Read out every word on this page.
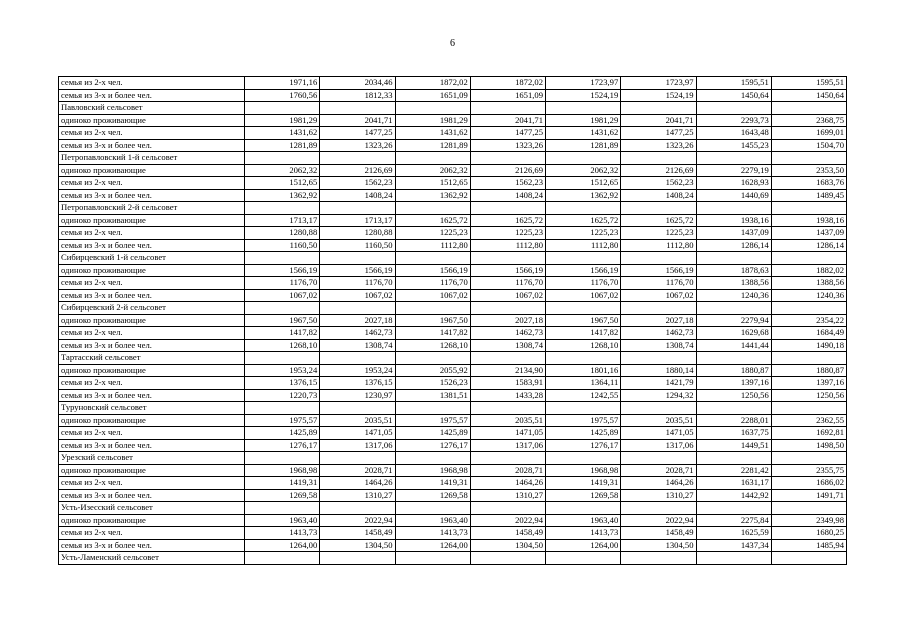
6
семья из 2-х чел.	1971,16	2034,46	1872,02	1872,02	1723,97	1723,97	1595,51	1595,51
семья из 3-х и более чел.	1760,56	1812,33	1651,09	1651,09	1524,19	1524,19	1450,64	1450,64
Павловский сельсовет								
одиноко проживающие	1981,29	2041,71	1981,29	2041,71	1981,29	2041,71	2293,73	2368,75
семья из 2-х чел.	1431,62	1477,25	1431,62	1477,25	1431,62	1477,25	1643,48	1699,01
семья из 3-х и более чел.	1281,89	1323,26	1281,89	1323,26	1281,89	1323,26	1455,23	1504,70
Петропавловский 1-й сельсовет								
одиноко проживающие	2062,32	2126,69	2062,32	2126,69	2062,32	2126,69	2279,19	2353,50
семья из 2-х чел.	1512,65	1562,23	1512,65	1562,23	1512,65	1562,23	1628,93	1683,76
семья из 3-х и более чел.	1362,92	1408,24	1362,92	1408,24	1362,92	1408,24	1440,69	1489,45
Петропавловский 2-й сельсовет								
одиноко проживающие	1713,17	1713,17	1625,72	1625,72	1625,72	1625,72	1938,16	1938,16
семья из 2-х чел.	1280,88	1280,88	1225,23	1225,23	1225,23	1225,23	1437,09	1437,09
семья из 3-х и более чел.	1160,50	1160,50	1112,80	1112,80	1112,80	1112,80	1286,14	1286,14
Сибирцевский 1-й сельсовет								
одиноко проживающие	1566,19	1566,19	1566,19	1566,19	1566,19	1566,19	1878,63	1882,02
семья из 2-х чел.	1176,70	1176,70	1176,70	1176,70	1176,70	1176,70	1388,56	1388,56
семья из 3-х и более чел.	1067,02	1067,02	1067,02	1067,02	1067,02	1067,02	1240,36	1240,36
Сибирцевский 2-й сельсовет								
одиноко проживающие	1967,50	2027,18	1967,50	2027,18	1967,50	2027,18	2279,94	2354,22
семья из 2-х чел.	1417,82	1462,73	1417,82	1462,73	1417,82	1462,73	1629,68	1684,49
семья из 3-х и более чел.	1268,10	1308,74	1268,10	1308,74	1268,10	1308,74	1441,44	1490,18
Тартасский сельсовет								
одиноко проживающие	1953,24	1953,24	2055,92	2134,90	1801,16	1880,14	1880,87	1880,87
семья из 2-х чел.	1376,15	1376,15	1526,23	1583,91	1364,11	1421,79	1397,16	1397,16
семья из 3-х и более чел.	1220,73	1230,97	1381,51	1433,28	1242,55	1294,32	1250,56	1250,56
Туруновский сельсовет								
одиноко проживающие	1975,57	2035,51	1975,57	2035,51	1975,57	2035,51	2288,01	2362,55
семья из 2-х чел.	1425,89	1471,05	1425,89	1471,05	1425,89	1471,05	1637,75	1692,81
семья из 3-х и более чел.	1276,17	1317,06	1276,17	1317,06	1276,17	1317,06	1449,51	1498,50
Урезский сельсовет								
одиноко проживающие	1968,98	2028,71	1968,98	2028,71	1968,98	2028,71	2281,42	2355,75
семья из 2-х чел.	1419,31	1464,26	1419,31	1464,26	1419,31	1464,26	1631,17	1686,02
семья из 3-х и более чел.	1269,58	1310,27	1269,58	1310,27	1269,58	1310,27	1442,92	1491,71
Усть-Изесский сельсовет								
одиноко проживающие	1963,40	2022,94	1963,40	2022,94	1963,40	2022,94	2275,84	2349,98
семья из 2-х чел.	1413,73	1458,49	1413,73	1458,49	1413,73	1458,49	1625,59	1680,25
семья из 3-х и более чел.	1264,00	1304,50	1264,00	1304,50	1264,00	1304,50	1437,34	1485,94
Усть-Ламенский сельсовет								
